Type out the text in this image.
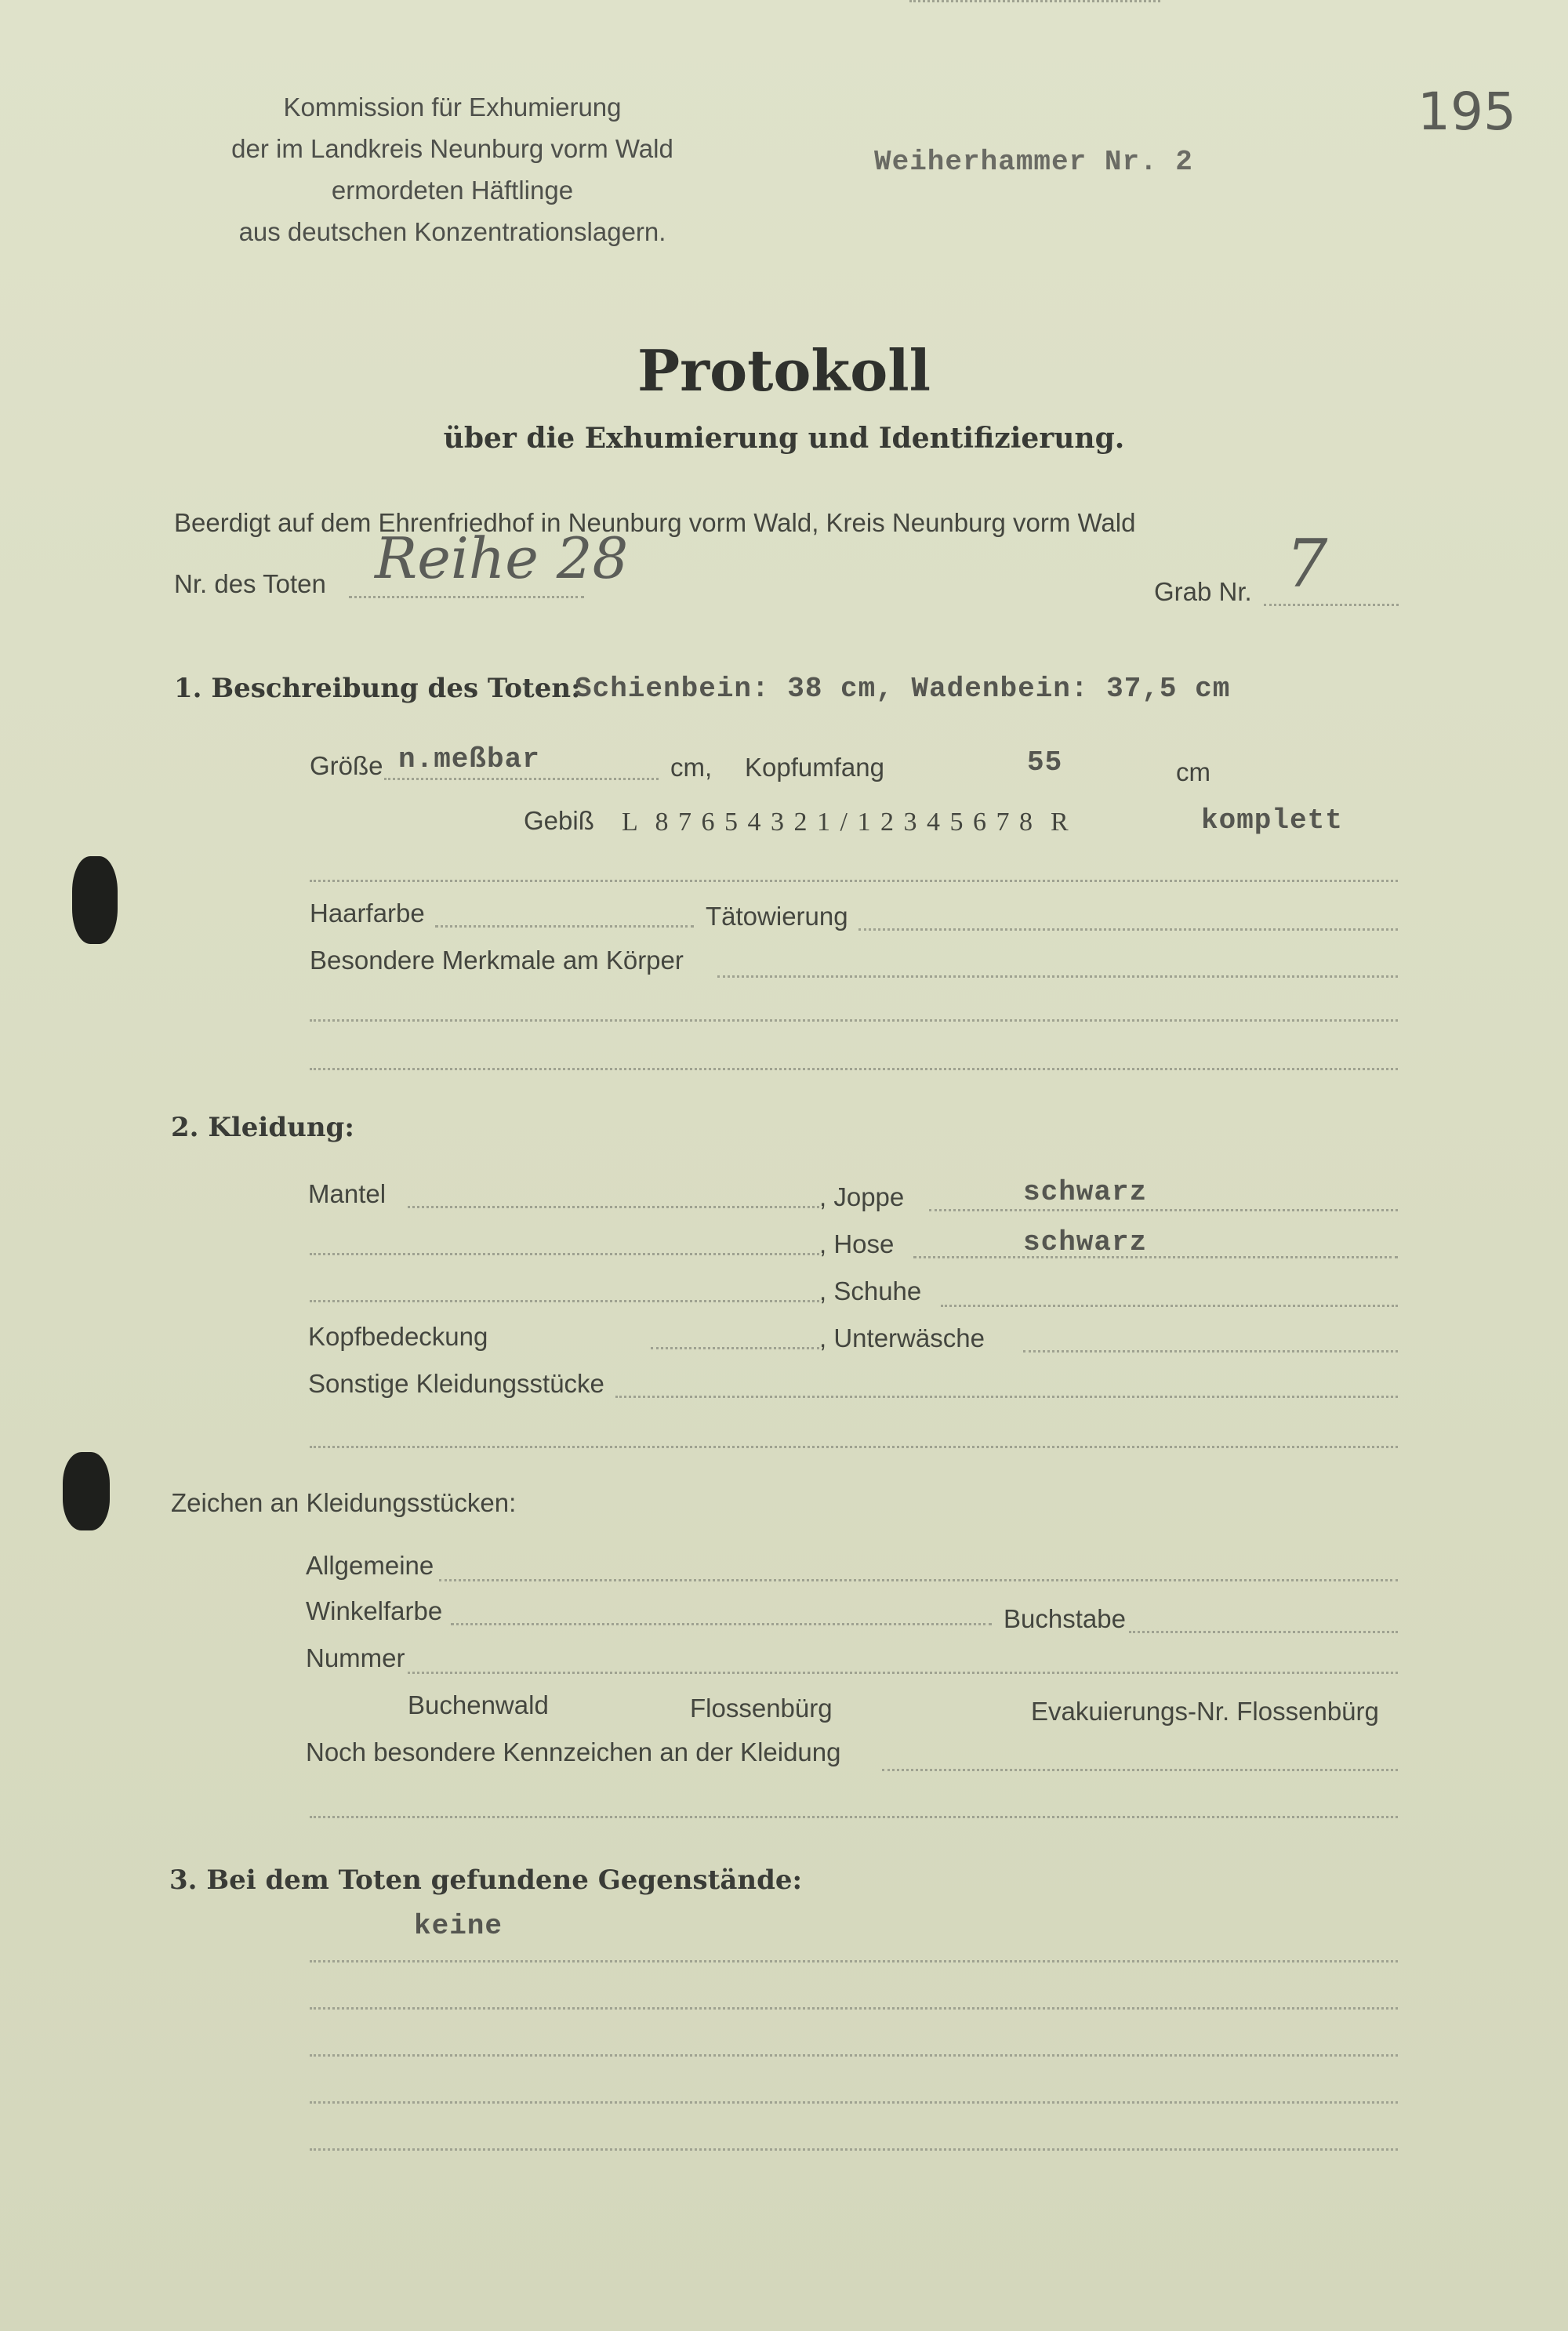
Kommission für Exhumierung
der im Landkreis Neunburg vorm Wald
ermordeten Häftlinge
aus deutschen Konzentrationslagern.
Weiherhammer Nr. 2
195
Protokoll
über die Exhumierung und Identifizierung.
Beerdigt auf dem Ehrenfriedhof in Neunburg vorm Wald, Kreis Neunburg vorm Wald
Nr. des Toten Reihe 28
Grab Nr. 7
1. Beschreibung des Toten:
Schienbein: 38 cm, Wadenbein: 37,5 cm
Größe n.meßbar	cm, Kopfumfang	55	cm
Gebiß L  8 7 6 5 4 3 2 1 / 1 2 3 4 5 6 7 8  R	komplett
Haarfarbe	Tätowierung
Besondere Merkmale am Körper
2. Kleidung:
Mantel	, Joppe	schwarz
, Hose	schwarz
, Schuhe
Kopfbedeckung	, Unterwäsche
Sonstige Kleidungsstücke
Zeichen an Kleidungsstücken:
Allgemeine
Winkelfarbe	Buchstabe
Nummer
Buchenwald	Flossenbürg	Evakuierungs-Nr. Flossenbürg
Noch besondere Kennzeichen an der Kleidung
3. Bei dem Toten gefundene Gegenstände:
keine
